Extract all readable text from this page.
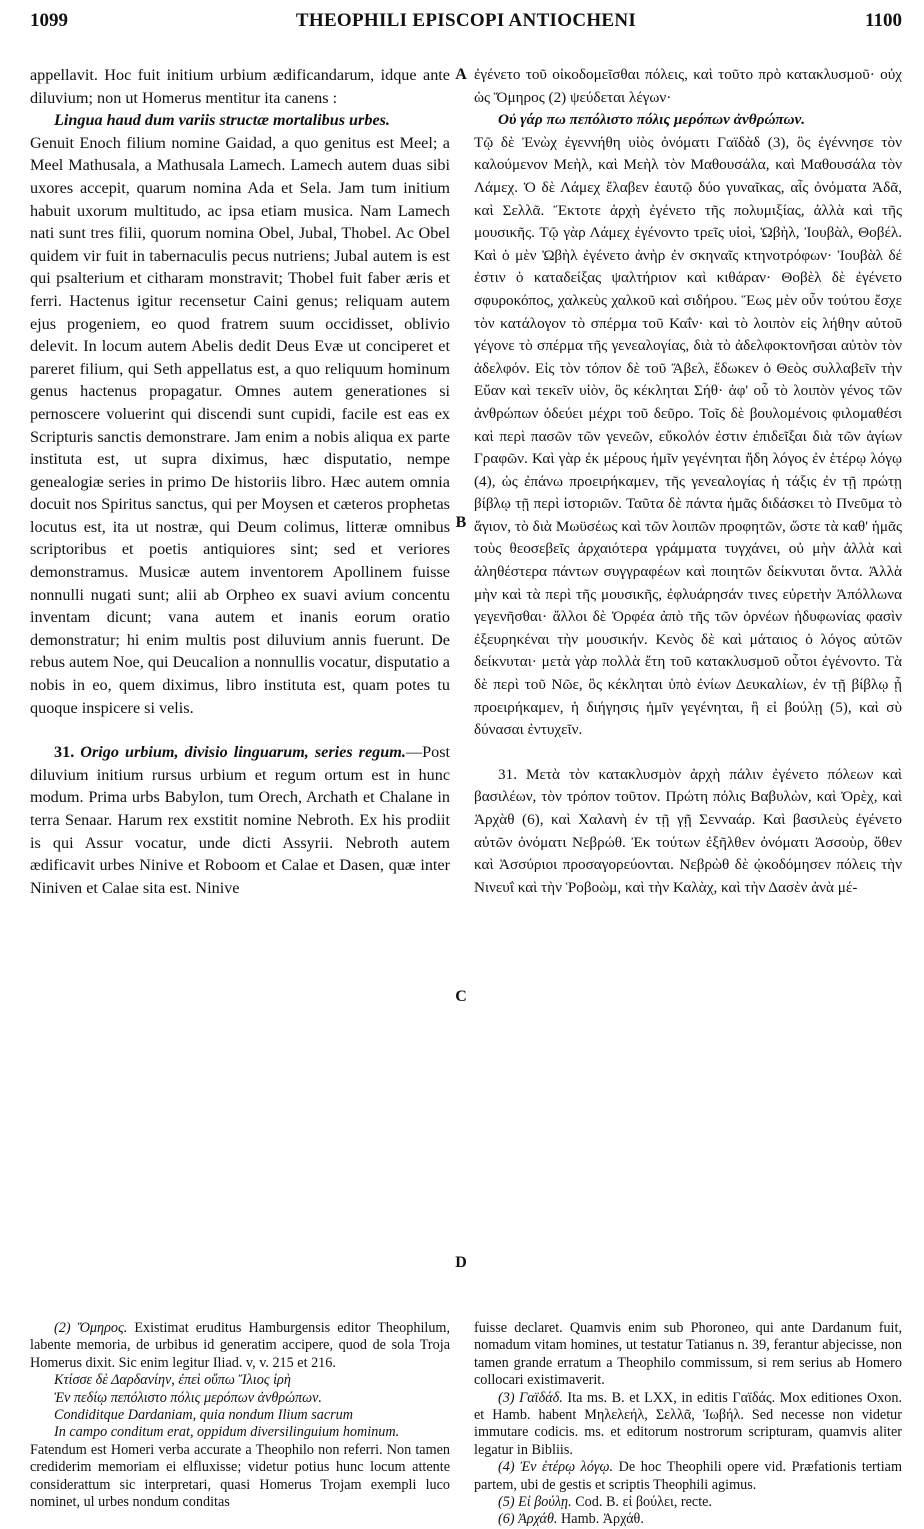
1099	THEOPHILI EPISCOPI ANTIOCHENI	1100

appellavit. Hoc fuit initium urbium ædificandarum, idque ante diluvium; non ut Homerus mentitur ita canens :

Lingua haud dum variis structæ mortalibus urbes.

Genuit Enoch filium nomine Gaidad, a quo genitus est Meel; a Meel Mathusala, a Mathusala Lamech. Lamech autem duas sibi uxores accepit, quarum nomina Ada et Sela. Jam tum initium habuit uxorum multitudo, ac ipsa etiam musica. Nam Lamech nati sunt tres filii, quorum nomina Obel, Jubal, Thobel. Ac Obel quidem vir fuit in tabernaculis pecus nutriens; Jubal autem is est qui psalterium et citharam monstravit; Thobel fuit faber æris et ferri. Hactenus igitur recensetur Caini genus; reliquam autem ejus progeniem, eo quod fratrem suum occidisset, oblivio delevit. In locum autem Abelis dedit Deus Evæ ut conciperet et pareret filium, qui Seth appellatus est, a quo reliquum hominum genus hactenus propagatur. Omnes autem generationes si pernoscere voluerint qui discendi sunt cupidi, facile est eas ex Scripturis sanctis demonstrare. Jam enim a nobis aliqua ex parte instituta est, ut supra diximus, hæc disputatio, nempe genealogiæ series in primo De historiis libro. Hæc autem omnia docuit nos Spiritus sanctus, qui per Moysen et cæteros prophetas locutus est, ita ut nostræ, qui Deum colimus, litteræ omnibus scriptoribus et poetis antiquiores sint; sed et veriores demonstramus. Musicæ autem inventorem Apollinem fuisse nonnulli nugati sunt; alii ab Orpheo ex suavi avium concentu inventam dicunt; vana autem et inanis eorum oratio demonstratur; hi enim multis post diluvium annis fuerunt. De rebus autem Noe, qui Deucalion a nonnullis vocatur, disputatio a nobis in eo, quem diximus, libro instituta est, quam potes tu quoque inspicere si velis.

31. Origo urbium, divisio linguarum, series regum.—Post diluvium initium rursus urbium et regum ortum est in hunc modum. Prima urbs Babylon, tum Orech, Archath et Chalane in terra Senaar. Harum rex exstitit nomine Nebroth. Ex his prodiit is qui Assur vocatur, unde dicti Assyrii. Nebroth autem ædificavit urbes Ninive et Roboom et Calae et Dasen, quæ inter Niniven et Calae sita est. Ninive

A
B
C
D

ἐγένετο τοῦ οἰκοδομεῖσθαι πόλεις, καὶ τοῦτο πρὸ κατακλυσμοῦ· οὐχ ὡς Ὅμηρος (2) ψεύδεται λέγων·

Οὐ γάρ πω πεπόλιστο πόλις μερόπων ἀνθρώπων.

Τῷ δὲ Ἐνὼχ ἐγεννήθη υἱὸς ὀνόματι Γαϊδὰδ (3), ὃς ἐγέννησε τὸν καλούμενον Μεὴλ, καὶ Μεὴλ τὸν Μαθουσάλα, καὶ Μαθουσάλα τὸν Λάμεχ. Ὁ δὲ Λάμεχ ἔλαβεν ἑαυτῷ δύο γυναῖκας, αἷς ὀνόματα Ἀδᾶ, καὶ Σελλᾶ. Ἔκτοτε ἀρχὴ ἐγένετο τῆς πολυμιξίας, ἀλλὰ καὶ τῆς μουσικῆς. Τῷ γὰρ Λάμεχ ἐγένοντο τρεῖς υἱοὶ, Ὠβὴλ, Ἰουβὰλ, Θοβέλ. Καὶ ὁ μὲν Ὠβὴλ ἐγένετο ἀνὴρ ἐν σκηναῖς κτηνοτρόφων· Ἰουβὰλ δέ ἐστιν ὁ καταδείξας ψαλτήριον καὶ κιθάραν· Θοβὲλ δὲ ἐγένετο σφυροκόπος, χαλκεὺς χαλκοῦ καὶ σιδήρου. Ἕως μὲν οὖν τούτου ἔσχε τὸν κατάλογον τὸ σπέρμα τοῦ Καΐν· καὶ τὸ λοιπὸν εἰς λήθην αὐτοῦ γέγονε τὸ σπέρμα τῆς γενεαλογίας, διὰ τὸ ἀδελφοκτονῆσαι αὐτὸν τὸν ἀδελφόν. Εἰς τὸν τόπον δὲ τοῦ Ἄβελ, ἔδωκεν ὁ Θεὸς συλλαβεῖν τὴν Εὔαν καὶ τεκεῖν υἱὸν, ὃς κέκληται Σήθ· ἀφ' οὗ τὸ λοιπὸν γένος τῶν ἀνθρώπων ὁδεύει μέχρι τοῦ δεῦρο. Τοῖς δὲ βουλομένοις φιλομαθέσι καὶ περὶ πασῶν τῶν γενεῶν, εὔκολόν ἐστιν ἐπιδεῖξαι διὰ τῶν ἁγίων Γραφῶν. Καὶ γὰρ ἐκ μέρους ἡμῖν γεγένηται ἤδη λόγος ἐν ἑτέρῳ λόγῳ (4), ὡς ἐπάνω προειρήκαμεν, τῆς γενεαλογίας ἡ τάξις ἐν τῇ πρώτῃ βίβλῳ τῇ περὶ ἱστοριῶν. Ταῦτα δὲ πάντα ἡμᾶς διδάσκει τὸ Πνεῦμα τὸ ἅγιον, τὸ διὰ Μωϋσέως καὶ τῶν λοιπῶν προφητῶν, ὥστε τὰ καθ' ἡμᾶς τοὺς θεοσεβεῖς ἀρχαιότερα γράμματα τυγχάνει, οὐ μὴν ἀλλὰ καὶ ἀληθέστερα πάντων συγγραφέων καὶ ποιητῶν δείκνυται ὄντα. Ἀλλὰ μὴν καὶ τὰ περὶ τῆς μουσικῆς, ἐφλυάρησάν τινες εὑρετὴν Ἀπόλλωνα γεγενῆσθαι· ἄλλοι δὲ Ὀρφέα ἀπὸ τῆς τῶν ὀρνέων ἡδυφωνίας φασὶν ἐξευρηκέναι τὴν μουσικήν. Κενὸς δὲ καὶ μάταιος ὁ λόγος αὐτῶν δείκνυται· μετὰ γὰρ πολλὰ ἔτη τοῦ κατακλυσμοῦ οὗτοι ἐγένοντο. Τὰ δὲ περὶ τοῦ Νῶε, ὃς κέκληται ὑπὸ ἐνίων Δευκαλίων, ἐν τῇ βίβλῳ ᾗ προειρήκαμεν, ἡ διήγησις ἡμῖν γεγένηται, ἣ εἰ βούλῃ (5), καὶ σὺ δύνασαι ἐντυχεῖν.

31. Μετὰ τὸν κατακλυσμὸν ἀρχὴ πάλιν ἐγένετο πόλεων καὶ βασιλέων, τὸν τρόπον τοῦτον. Πρώτη πόλις Βαβυλὼν, καὶ Ὀρὲχ, καὶ Ἀρχὰθ (6), καὶ Χαλανὴ ἐν τῇ γῇ Σενναάρ. Καὶ βασιλεὺς ἐγένετο αὐτῶν ὀνόματι Νεβρώθ. Ἐκ τούτων ἐξῆλθεν ὀνόματι Ἀσσοὺρ, ὅθεν καὶ Ἀσσύριοι προσαγορεύονται. Νεβρὼθ δὲ ᾠκοδόμησεν πόλεις τὴν Νινευΐ καὶ τὴν Ῥοβοὼμ, καὶ τὴν Καλὰχ, καὶ τὴν Δασὲν ἀνὰ μέ-

(2) Ὅμηρος. Existimat eruditus Hamburgensis editor Theophilum, labente memoria, de urbibus id generatim accipere, quod de sola Troja Homerus dixit. Sic enim legitur Iliad. v, v. 215 et 216.

Κτίσσε δὲ Δαρδανίην, ἐπεὶ οὔπω Ἴλιος ἱρὴ

Ἐν πεδίῳ πεπόλιστο πόλις μερόπων ἀνθρώπων.

Condiditque Dardaniam, quia nondum Ilium sacrum

In campo conditum erat, oppidum diversilinguium hominum.

Fatendum est Homeri verba accurate a Theophilo non referri. Non tamen crediderim memoriam ei elfluxisse; videtur potius hunc locum attente considerattum sic interpretari, quasi Homerus Trojam exempli luco nominet, ul urbes nondum conditas

fuisse declaret. Quamvis enim sub Phoroneo, qui ante Dardanum fuit, nomadum vitam homines, ut testatur Tatianus n. 39, ferantur abjecisse, non tamen grande erratum a Theophilo commissum, si rem serius ab Homero collocari existimaverit.

(3) Γαϊδάδ. Ita ms. B. et LXX, in editis Γαϊδάς. Mox editiones Oxon. et Hamb. habent Μηλελεήλ, Σελλᾶ, Ἰωβήλ. Sed necesse non videtur immutare codicis. ms. et editorum nostrorum scripturam, quamvis aliter legatur in Bibliis.

(4) Ἐν ἑτέρῳ λόγῳ. De hoc Theophili opere vid. Præfationis tertiam partem, ubi de gestis et scriptis Theophili agimus.

(5) Εἰ βούλῃ. Cod. B. εἰ βούλει, recte.

(6) Ἀρχάθ. Hamb. Ἀρχάθ.
